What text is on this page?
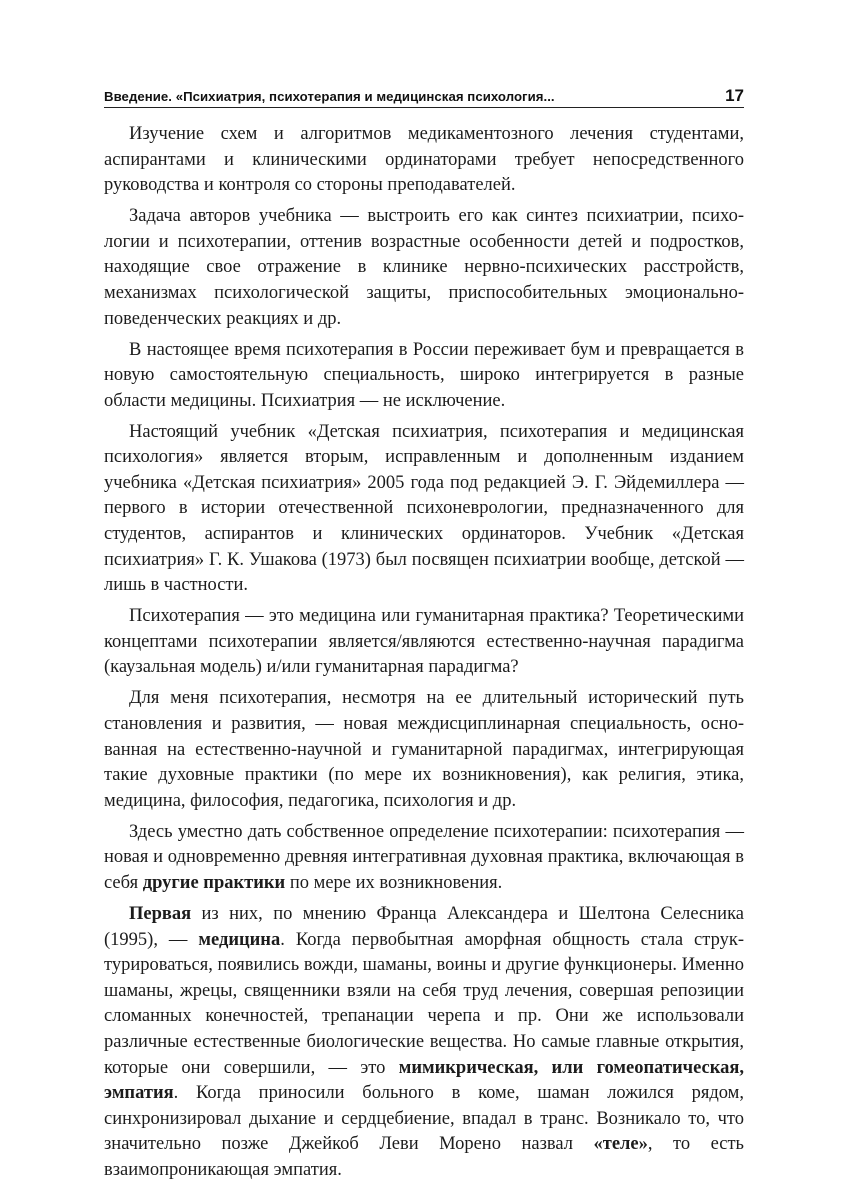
Введение. «Психиатрия, психотерапия и медицинская психология...	17

Изучение схем и алгоритмов медикаментозного лечения студентами, аспирантами и клиническими ординаторами требует непосредственного руководства и контроля со стороны преподавателей.

Задача авторов учебника — выстроить его как синтез психиатрии, психологии и психотерапии, оттенив возрастные особенности детей и подростков, находящие свое отражение в клинике нервно-психических расстройств, механизмах психологической защиты, приспособительных эмоционально-поведенческих реакциях и др.

В настоящее время психотерапия в России переживает бум и превращается в новую самостоятельную специальность, широко интегрируется в разные области медицины. Психиатрия — не исключение.

Настоящий учебник «Детская психиатрия, психотерапия и медицинская психология» является вторым, исправленным и дополненным изданием учебника «Детская психиатрия» 2005 года под редакцией Э. Г. Эйдемиллера — первого в истории отечественной психоневрологии, предназначенного для студентов, аспирантов и клинических ординаторов. Учебник «Детская психиатрия» Г. К. Ушакова (1973) был посвящен психиатрии вообще, детской — лишь в частности.

Психотерапия — это медицина или гуманитарная практика? Теоретическими концептами психотерапии является/являются естественно-научная парадигма (каузальная модель) и/или гуманитарная парадигма?

Для меня психотерапия, несмотря на ее длительный исторический путь становления и развития, — новая междисциплинарная специальность, основанная на естественно-научной и гуманитарной парадигмах, интегрирующая такие духовные практики (по мере их возникновения), как религия, этика, медицина, философия, педагогика, психология и др.

Здесь уместно дать собственное определение психотерапии: психотерапия — новая и одновременно древняя интегративная духовная практика, включающая в себя другие практики по мере их возникновения.

Первая из них, по мнению Франца Александера и Шелтона Селесника (1995), — медицина. Когда первобытная аморфная общность стала структурироваться, появились вожди, шаманы, воины и другие функционеры. Именно шаманы, жрецы, священники взяли на себя труд лечения, совершая репозиции сломанных конечностей, трепанации черепа и пр. Они же использовали различные естественные биологические вещества. Но самые главные открытия, которые они совершили, — это мимикрическая, или гомеопатическая, эмпатия. Когда приносили больного в коме, шаман ложился рядом, синхронизировал дыхание и сердцебиение, впадал в транс. Возникало то, что значительно позже Джейкоб Леви Морено назвал «теле», то есть взаимопроникающая эмпатия.
